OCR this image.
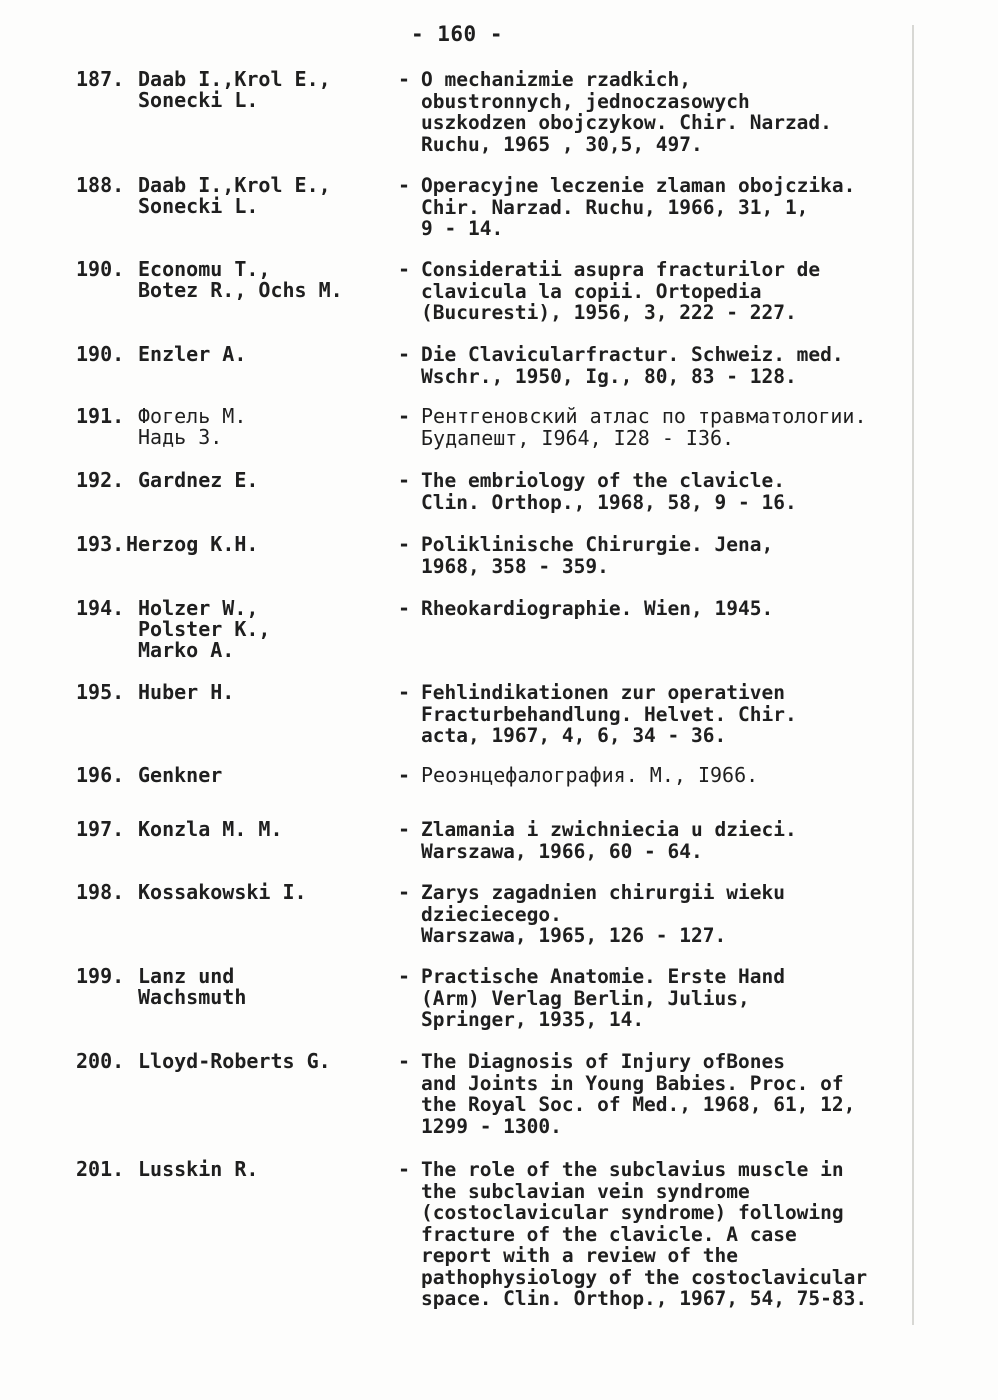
- 160 -
187. Daab I.,Krol E.,
Sonecki L.
- O mechanizmie rzadkich,
obustronnych, jednoczasowych
uszkodzen obojczykow. Chir. Narzad.
Ruchu, 1965 , 30,5, 497.
188. Daab I.,Krol E.,
Sonecki L.
- Operacyjne leczenie zlaman obojczika.
Chir. Narzad. Ruchu, 1966, 31, 1,
9 - 14.
190. Economu T.,
Botez R., Ochs M.
- Consideratii asupra fracturilor de
clavicula la copii. Ortopedia
(Bucuresti), 1956, 3, 222 - 227.
190. Enzler A.	- Die Clavicularfractur. Schweiz. med.
Wschr., 1950, Ig., 80, 83 - 128.
191. Фогель М.
Надь З.
- Рентгеновский атлас по травматологии.
Будапешт, I964, I28 - I36.
192. Gardnez E.	- The embriology of the clavicle.
Clin. Orthop., 1968, 58, 9 - 16.
193. Herzog K.H.	- Poliklinische Chirurgie. Jena,
1968, 358 - 359.
194. Holzer W.,
Polster K.,
Marko A.
- Rheokardiographie. Wien, 1945.
195. Huber H.	- Fehlindikationen zur operativen
Fracturbehandlung. Helvet. Chir.
acta, 1967, 4, 6, 34 - 36.
196. Genkner	- Реоэнцефалография. М., I966.
197. Konzla M. M.	- Zlamania i zwichniecia u dzieci.
Warszawa, 1966, 60 - 64.
198. Kossakowski I.	- Zarys zagadnien chirurgii wieku
dzieciecego.
Warszawa, 1965, 126 - 127.
199. Lanz und
Wachsmuth
- Practische Anatomie. Erste Hand
(Arm) Verlag Berlin, Julius,
Springer, 1935, 14.
200. Lloyd-Roberts G.	- The Diagnosis of Injury ofBones
and Joints in Young Babies. Proc. of
the Royal Soc. of Med., 1968, 61, 12,
1299 - 1300.
201. Lusskin R.	- The role of the subclavius muscle in
the subclavian vein syndrome
(costoclavicular syndrome) following
fracture of the clavicle. A case
report with a review of the
pathophysiology of the costoclavicular
space. Clin. Orthop., 1967, 54, 75-83.
